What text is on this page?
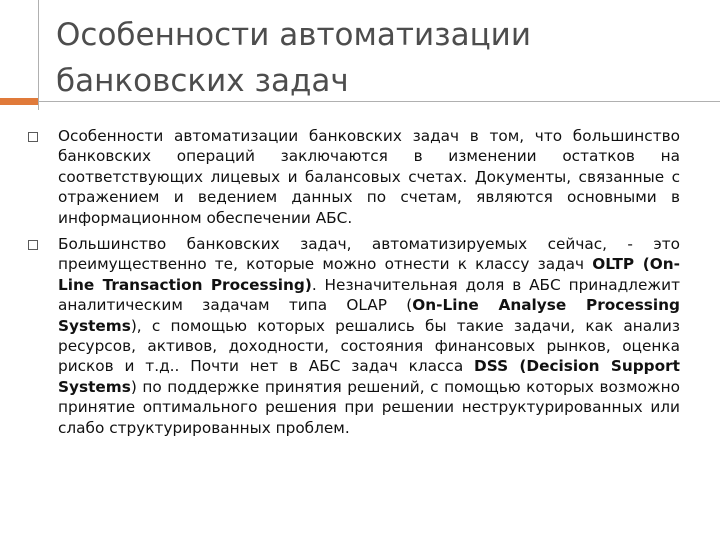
Особенности автоматизации банковских задач

Особенности автоматизации банковских задач в том, что большинство банковских операций заключаются в изменении остатков на соответствующих лицевых и балансовых счетах. Документы, связанные с отражением и ведением данных по счетам, являются основными в информационном обеспечении АБС.

Большинство банковских задач, автоматизируемых сейчас, - это преимущественно те, которые можно отнести к классу задач OLTP (On-Line Transaction Processing). Незначительная доля в АБС принадлежит аналитическим задачам типа OLAP (On-Line Analyse Processing Systems), с помощью которых решались бы такие задачи, как анализ ресурсов, активов, доходности, состояния финансовых рынков, оценка рисков и т.д.. Почти нет в АБС задач класса DSS (Decision Support Systems) по поддержке принятия решений, с помощью которых возможно принятие оптимального решения при решении неструктурированных или слабо структурированных проблем.
